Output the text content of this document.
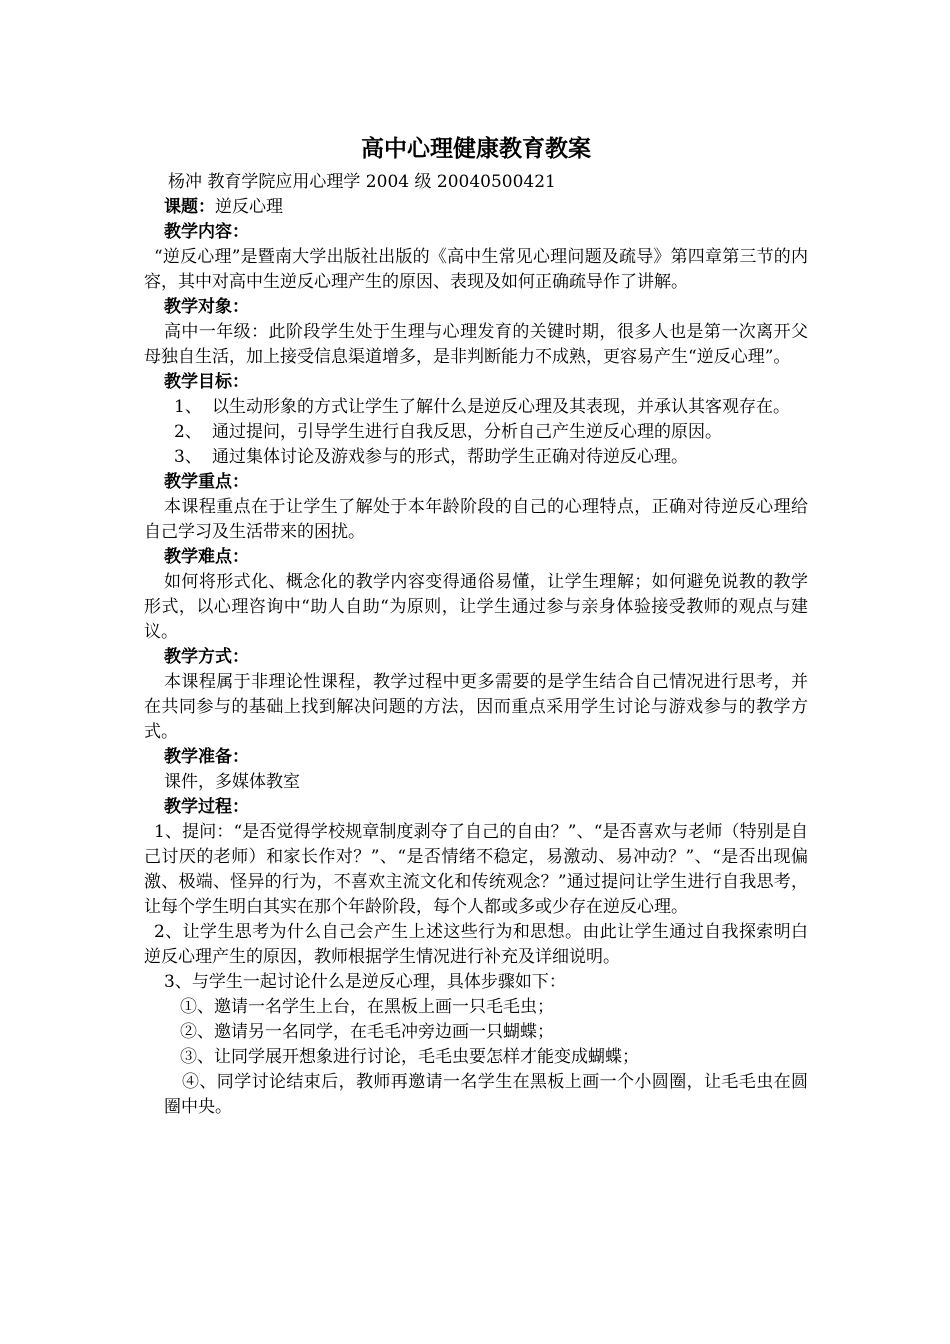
高中心理健康教育教案
杨冲 教育学院应用心理学 2004 级 20040500421
课题：逆反心理
教学内容：
“逆反心理”是暨南大学出版社出版的《高中生常见心理问题及疏导》第四章第三节的内容，其中对高中生逆反心理产生的原因、表现及如何正确疏导作了讲解。
教学对象：
高中一年级：此阶段学生处于生理与心理发育的关键时期，很多人也是第一次离开父母独自生活，加上接受信息渠道增多，是非判断能力不成熟，更容易产生“逆反心理”。
教学目标：
1、 以生动形象的方式让学生了解什么是逆反心理及其表现，并承认其客观存在。
2、 通过提问，引导学生进行自我反思，分析自己产生逆反心理的原因。
3、 通过集体讨论及游戏参与的形式，帮助学生正确对待逆反心理。
教学重点：
本课程重点在于让学生了解处于本年龄阶段的自己的心理特点，正确对待逆反心理给自己学习及生活带来的困扰。
教学难点：
如何将形式化、概念化的教学内容变得通俗易懂，让学生理解；如何避免说教的教学形式，以心理咨询中“助人自助“为原则，让学生通过参与亲身体验接受教师的观点与建议。
教学方式：
本课程属于非理论性课程，教学过程中更多需要的是学生结合自己情况进行思考，并在共同参与的基础上找到解决问题的方法，因而重点采用学生讨论与游戏参与的教学方式。
教学准备：
课件，多媒体教室
教学过程：
1、提问：“是否觉得学校规章制度剥夺了自己的自由？”、“是否喜欢与老师（特别是自己讨厌的老师）和家长作对？”、“是否情绪不稳定，易激动、易冲动？”、“是否出现偏激、极端、怪异的行为，不喜欢主流文化和传统观念？”通过提问让学生进行自我思考，让每个学生明白其实在那个年龄阶段，每个人都或多或少存在逆反心理。
2、让学生思考为什么自己会产生上述这些行为和思想。由此让学生通过自我探索明白逆反心理产生的原因，教师根据学生情况进行补充及详细说明。
3、与学生一起讨论什么是逆反心理，具体步骤如下：
①、邀请一名学生上台，在黑板上画一只毛毛虫；
②、邀请另一名同学，在毛毛冲旁边画一只蝴蝶；
③、让同学展开想象进行讨论，毛毛虫要怎样才能变成蝴蝶；
④、同学讨论结束后，教师再邀请一名学生在黑板上画一个小圆圈，让毛毛虫在圆圈中央。
